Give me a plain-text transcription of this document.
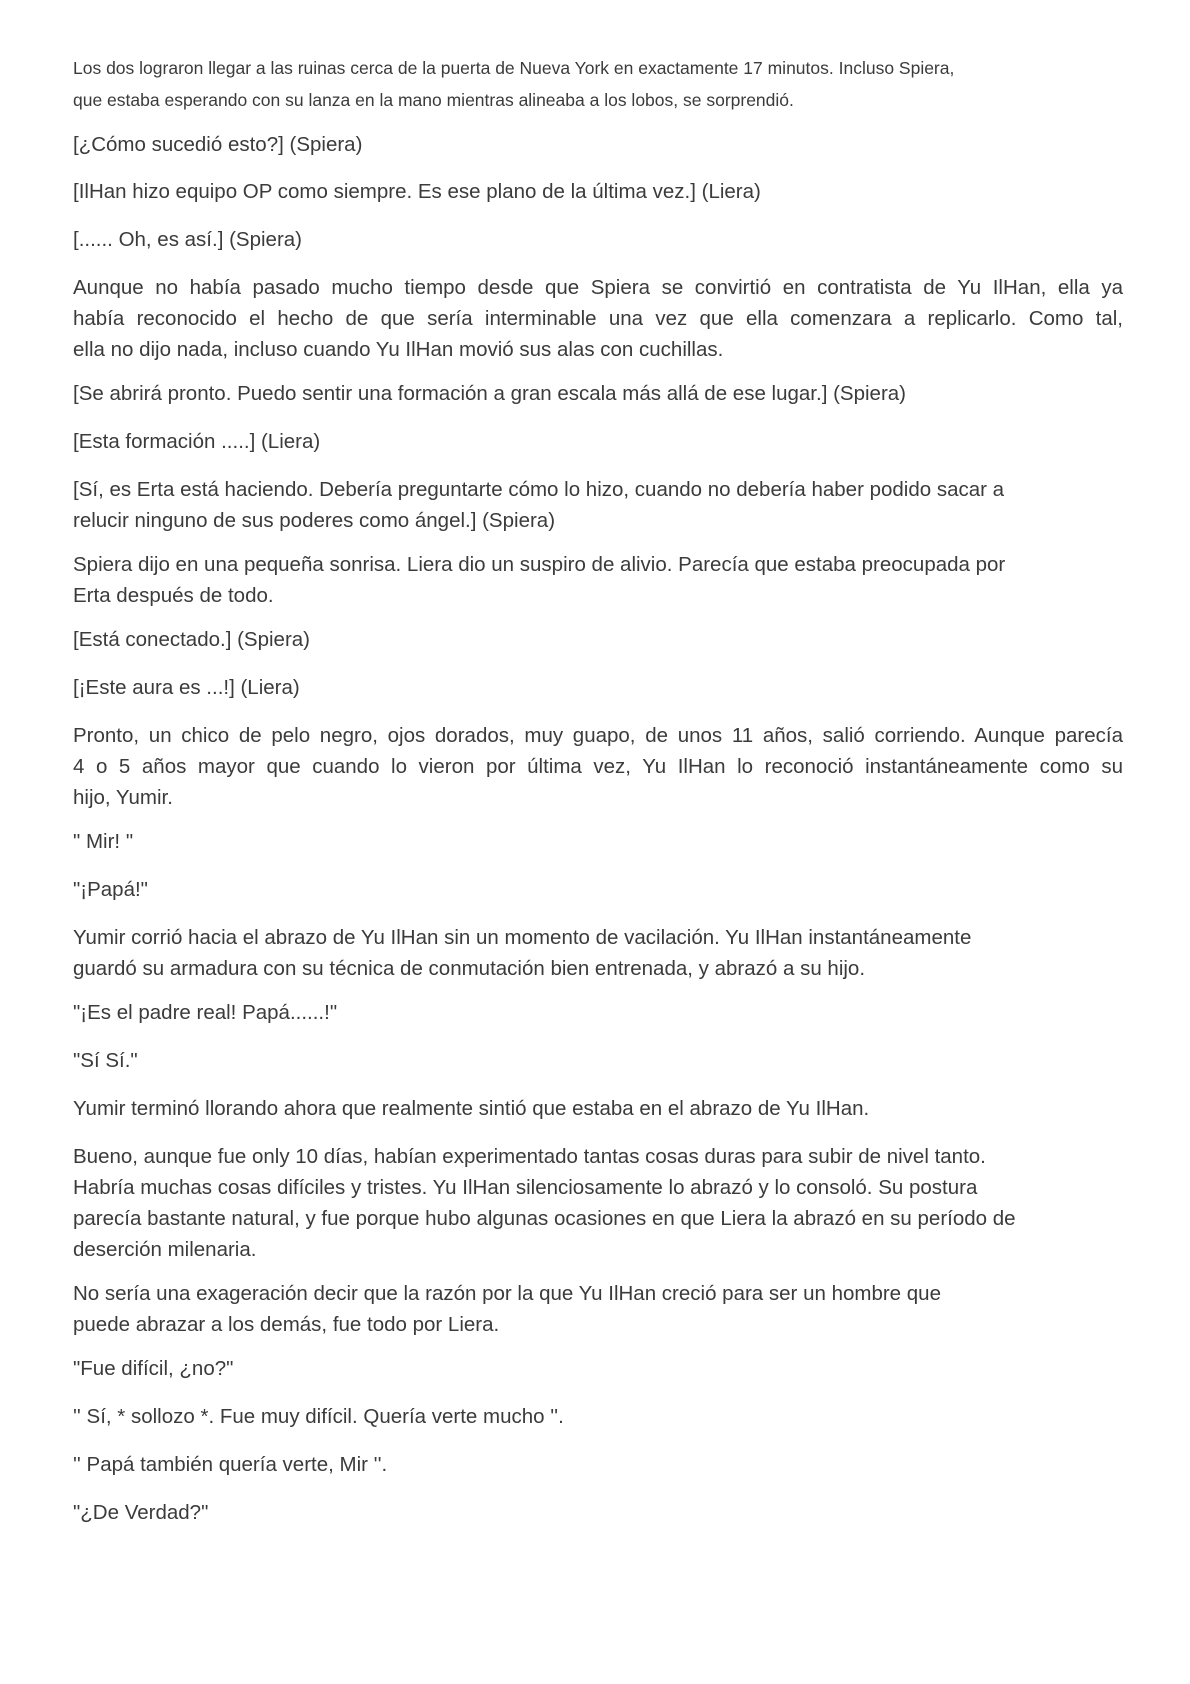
Los dos lograron llegar a las ruinas cerca de la puerta de Nueva York en exactamente 17 minutos. Incluso Spiera,
que estaba esperando con su lanza en la mano mientras alineaba a los lobos, se sorprendió.

[¿Cómo sucedió esto?] (Spiera)

[IlHan hizo equipo OP como siempre. Es ese plano de la última vez.] (Liera)

[...... Oh, es así.] (Spiera)

Aunque no había pasado mucho tiempo desde que Spiera se convirtió en contratista de Yu IlHan, ella ya
había reconocido el hecho de que sería interminable una vez que ella comenzara a replicarlo. Como tal,
ella no dijo nada, incluso cuando Yu IlHan movió sus alas con cuchillas.

[Se abrirá pronto. Puedo sentir una formación a gran escala más allá de ese lugar.] (Spiera)

[Esta formación .....] (Liera)

[Sí, es Erta está haciendo. Debería preguntarte cómo lo hizo, cuando no debería haber podido sacar a
relucir ninguno de sus poderes como ángel.] (Spiera)

Spiera dijo en una pequeña sonrisa. Liera dio un suspiro de alivio. Parecía que estaba preocupada por
Erta después de todo.

[Está conectado.] (Spiera)

[¡Este aura es ...!] (Liera)

Pronto, un chico de pelo negro, ojos dorados, muy guapo, de unos 11 años, salió corriendo. Aunque parecía
4 o 5 años mayor que cuando lo vieron por última vez, Yu IlHan lo reconoció instantáneamente como su
hijo, Yumir.

" Mir! "

"¡Papá!"

Yumir corrió hacia el abrazo de Yu IlHan sin un momento de vacilación. Yu IlHan instantáneamente
guardó su armadura con su técnica de conmutación bien entrenada, y abrazó a su hijo.

"¡Es el padre real! Papá......!"

"Sí Sí."

Yumir terminó llorando ahora que realmente sintió que estaba en el abrazo de Yu IlHan.

Bueno, aunque fue only 10 días, habían experimentado tantas cosas duras para subir de nivel tanto.
Habría muchas cosas difíciles y tristes. Yu IlHan silenciosamente lo abrazó y lo consoló. Su postura
parecía bastante natural, y fue porque hubo algunas ocasiones en que Liera la abrazó en su período de
deserción milenaria.

No sería una exageración decir que la razón por la que Yu IlHan creció para ser un hombre que
puede abrazar a los demás, fue todo por Liera.

"Fue difícil, ¿no?"

'' Sí, * sollozo *. Fue muy difícil. Quería verte mucho ''.

'' Papá también quería verte, Mir ''.

"¿De Verdad?"
